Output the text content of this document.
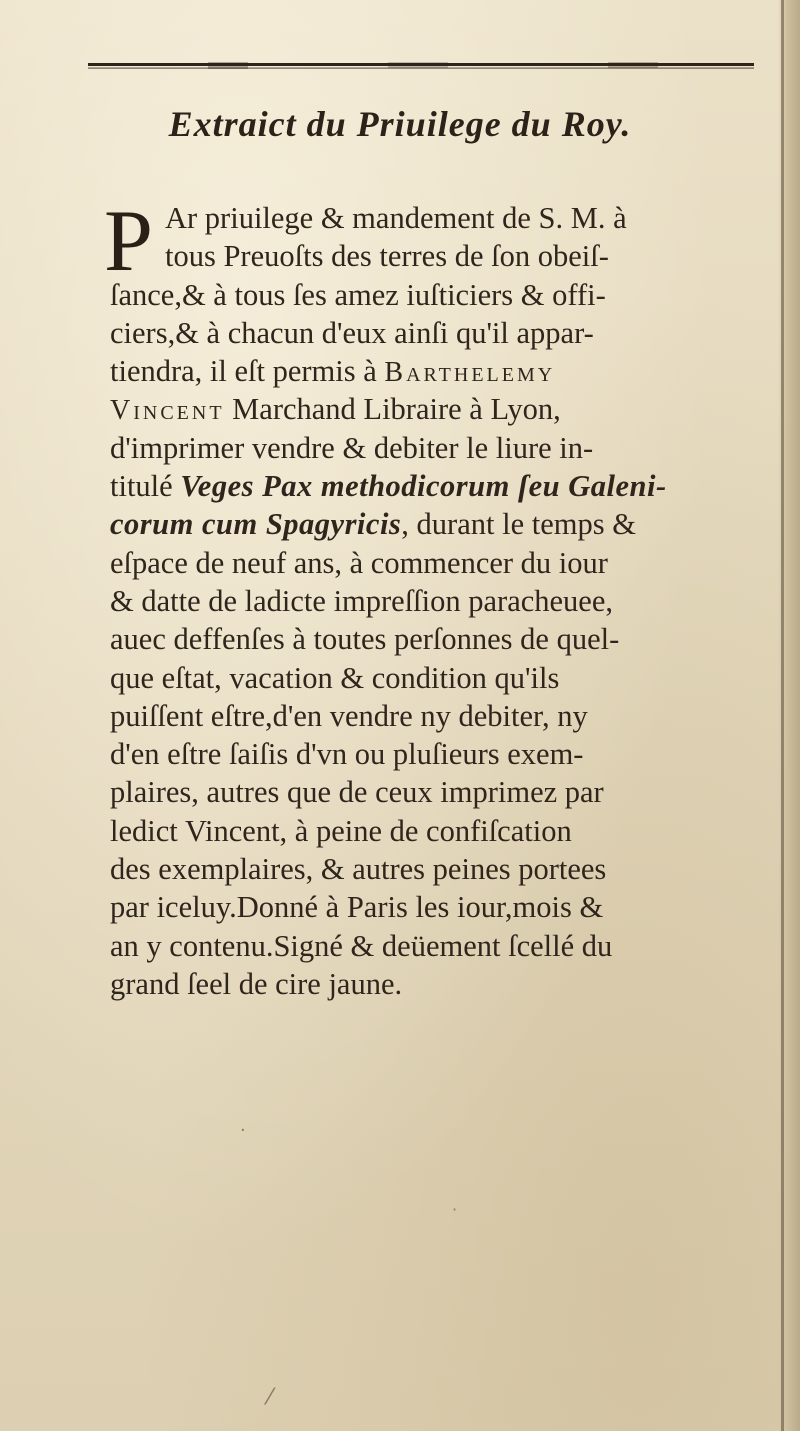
Extraict du Priuilege du Roy.
P Ar priuilege & mandement de S. M. à
tous Preuoſts des terres de ſon obeiſ-
ſance,& à tous ſes amez iuſticiers & offi-
ciers,& à chacun d'eux ainſi qu'il appar-
tiendra, il eſt permis à Barthelemy
Vincent Marchand Libraire à Lyon,
d'imprimer vendre & debiter le liure in-
titulé Veges Pax methodicorum ſeu Galeni-
corum cum Spagyricis, durant le temps &
eſpace de neuf ans, à commencer du iour
& datte de ladicte impreſſion paracheuee,
auec deffenſes à toutes perſonnes de quel-
que eſtat, vacation & condition qu'ils
puiſſent eſtre,d'en vendre ny debiter, ny
d'en eſtre ſaiſis d'vn ou pluſieurs exem-
plaires, autres que de ceux imprimez par
ledict Vincent, à peine de confiſcation
des exemplaires, & autres peines portees
par iceluy.Donné à Paris les iour,mois &
an y contenu.Signé & deüement ſcellé du
grand ſeel de cire jaune.
·
⁄
·
